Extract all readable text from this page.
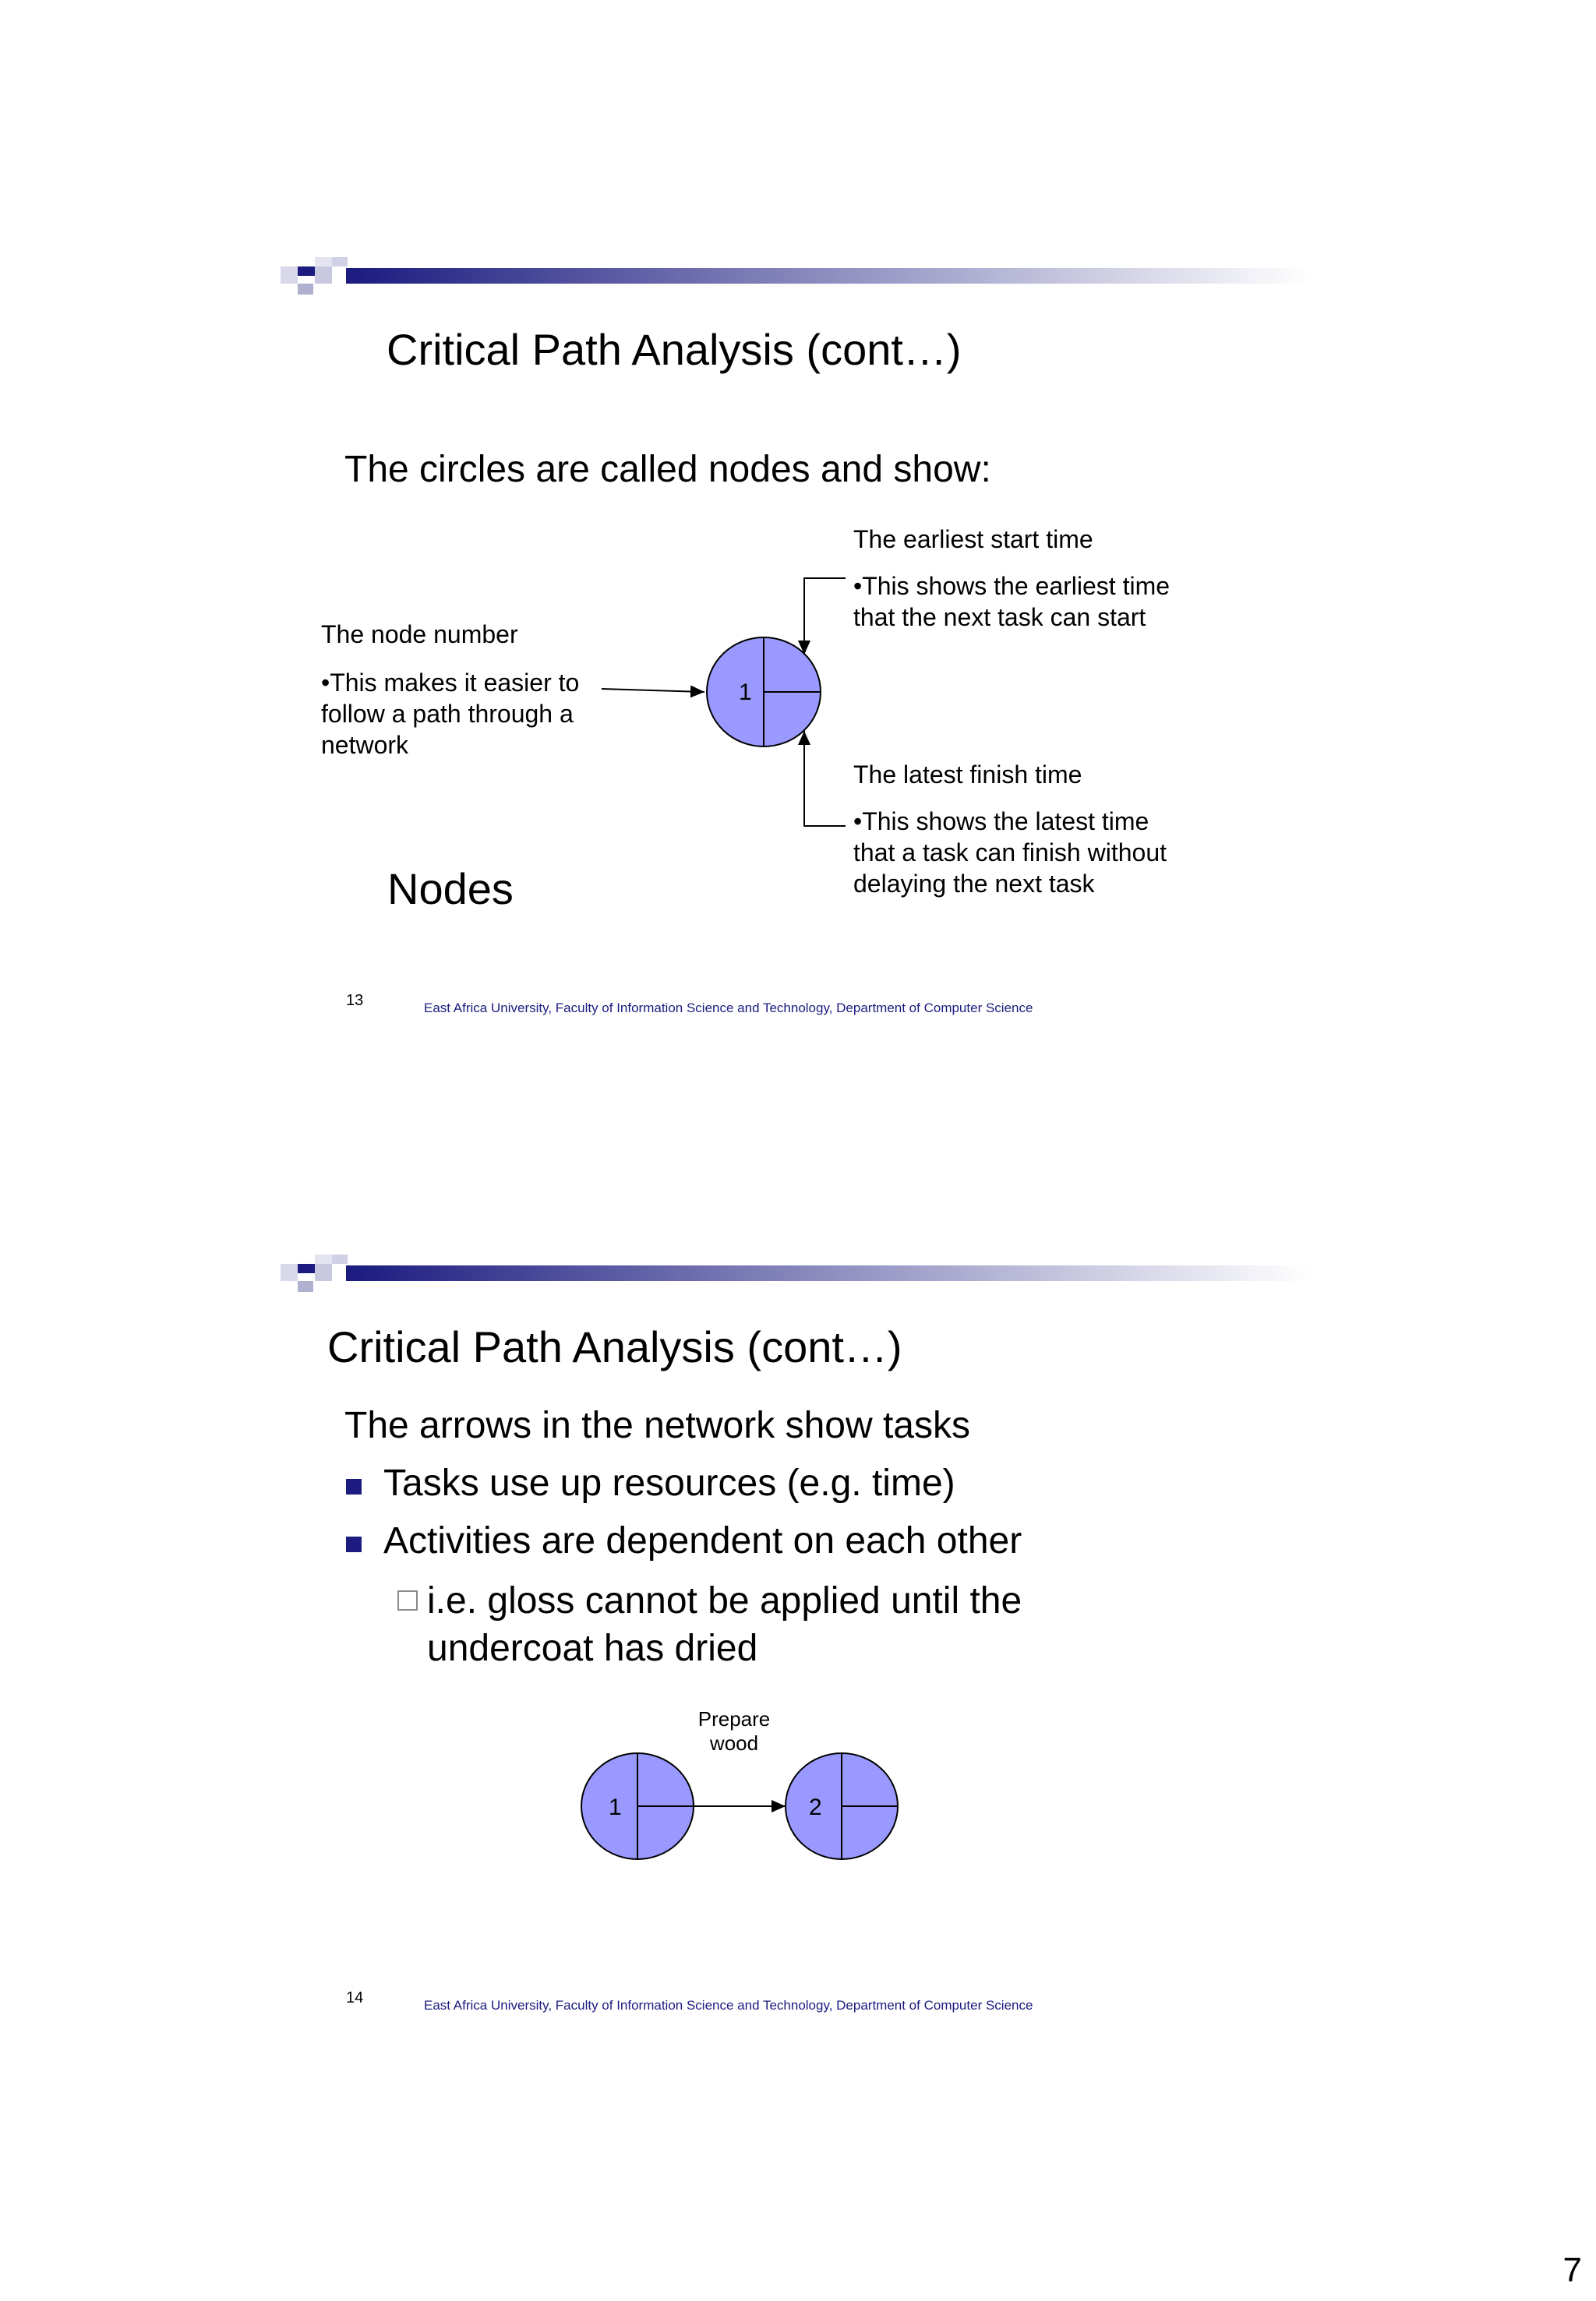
Critical Path Analysis (cont…)
The circles are called nodes and show:
The node number
•This makes it easier to
follow a path through a
network
The earliest start time
•This shows the earliest time
that the next task can start
The latest finish time
•This shows the latest time
that a task can finish without
delaying the next task
1
Nodes
13	East Africa University, Faculty of Information Science and Technology, Department of Computer Science
Critical Path Analysis (cont…)
The arrows in the network show tasks
Tasks use up resources (e.g. time)
Activities are dependent on each other
i.e. gloss cannot be applied until the
undercoat has dried
Prepare
wood
1	2
14	East Africa University, Faculty of Information Science and Technology, Department of Computer Science
7
